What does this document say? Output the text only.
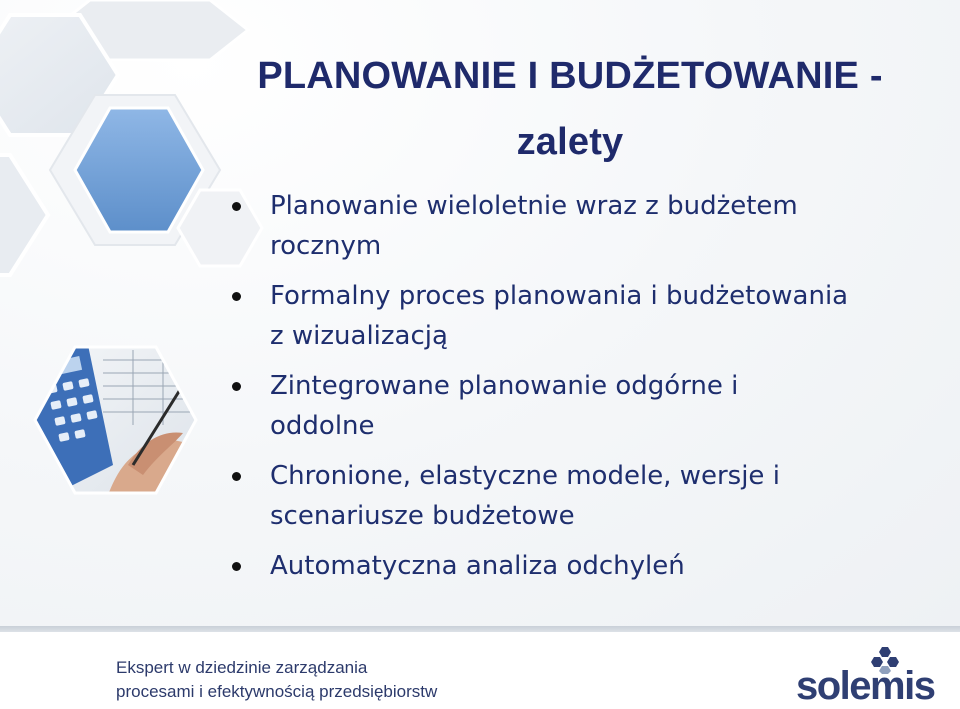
PLANOWANIE I BUDŻETOWANIE -
zalety
Planowanie wieloletnie wraz z budżetem
rocznym
Formalny proces planowania i budżetowania
z wizualizacją
Zintegrowane planowanie odgórne i
oddolne
Chronione, elastyczne modele, wersje i
scenariusze budżetowe
Automatyczna analiza odchyleń
Ekspert w dziedzinie zarządzania
procesami i efektywnością przedsiębiorstw	solemis
